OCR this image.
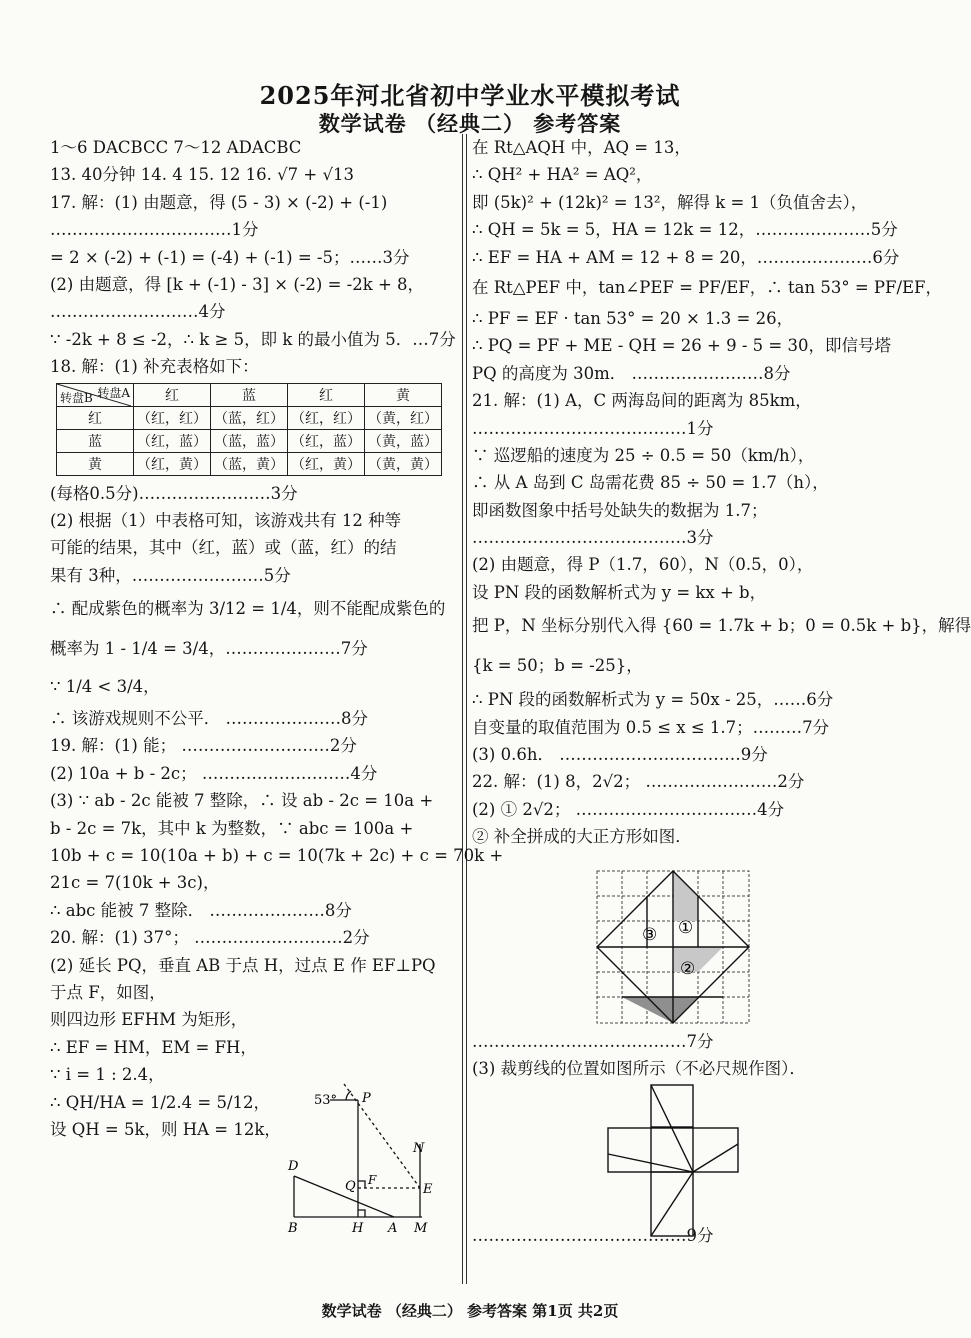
2025年河北省初中学业水平模拟考试
数学试卷 （经典二） 参考答案
1～6 DACBCC 7～12 ADACBC
13. 40分钟 14. 4 15. 12 16. √7 + √13
17. 解：(1) 由题意，得 (5 - 3) × (-2) + (-1)
……………………………1分
= 2 × (-2) + (-1) = (-4) + (-1) = -5；……3分
(2) 由题意，得 [k + (-1) - 3] × (-2) = -2k + 8，
………………………4分
∵ -2k + 8 ≤ -2，∴ k ≥ 5，即 k 的最小值为 5．…7分
18. 解：(1) 补充表格如下：
转盘A
转盘B	红	蓝	红	黄
红	（红，红）	（蓝，红）	（红，红）	（黄，红）
蓝	（红，蓝）	（蓝，蓝）	（红，蓝）	（黄，蓝）
黄	（红，黄）	（蓝，黄）	（红，黄）	（黄，黄）
(每格0.5分)……………………3分
(2) 根据（1）中表格可知，该游戏共有 12 种等
可能的结果，其中（红，蓝）或（蓝，红）的结
果有 3种，……………………5分
∴ 配成紫色的概率为 3/12 = 1/4，则不能配成紫色的
概率为 1 - 1/4 = 3/4，…………………7分
∵ 1/4 < 3/4，
∴ 该游戏规则不公平． …………………8分
19. 解：(1) 能； ………………………2分
(2) 10a + b - 2c； ………………………4分
(3) ∵ ab - 2c 能被 7 整除，∴ 设 ab - 2c = 10a +
b - 2c = 7k，其中 k 为整数，∵ abc = 100a +
10b + c = 10(10a + b) + c = 10(7k + 2c) + c = 70k +
21c = 7(10k + 3c)，
∴ abc 能被 7 整除． …………………8分
20. 解：(1) 37°； ………………………2分
(2) 延长 PQ，垂直 AB 于点 H，过点 E 作 EF⊥PQ
于点 F，如图，
则四边形 EFHM 为矩形，
∴ EF = HM，EM = FH，
∵ i = 1 : 2.4，
∴ QH/HA = 1/2.4 = 5/12，
设 QH = 5k，则 HA = 12k，
53° P
N
D
Q F
E
B	H A M
在 Rt△AQH 中，AQ = 13，
∴ QH² + HA² = AQ²，
即 (5k)² + (12k)² = 13²，解得 k = 1（负值舍去），
∴ QH = 5k = 5，HA = 12k = 12，…………………5分
∴ EF = HA + AM = 12 + 8 = 20，…………………6分
在 Rt△PEF 中，tan∠PEF = PF/EF，∴ tan 53° = PF/EF，
∴ PF = EF · tan 53° = 20 × 1.3 = 26，
∴ PQ = PF + ME - QH = 26 + 9 - 5 = 30，即信号塔
PQ 的高度为 30m． ……………………8分
21. 解：(1) A，C 两海岛间的距离为 85km，
…………………………………1分
∵ 巡逻船的速度为 25 ÷ 0.5 = 50（km/h），
∴ 从 A 岛到 C 岛需花费 85 ÷ 50 = 1.7（h），
即函数图象中括号处缺失的数据为 1.7；
…………………………………3分
(2) 由题意，得 P（1.7，60），N（0.5，0），
设 PN 段的函数解析式为 y = kx + b，
把 P，N 坐标分别代入得 {60 = 1.7k + b；0 = 0.5k + b}，解得
{k = 50；b = -25}，
∴ PN 段的函数解析式为 y = 50x - 25，……6分
自变量的取值范围为 0.5 ≤ x ≤ 1.7；………7分
(3) 0.6h． ……………………………9分
22. 解：(1) 8，2√2； ……………………2分
(2) ① 2√2； ……………………………4分
② 补全拼成的大正方形如图．
③ ①
②
…………………………………7分
(3) 裁剪线的位置如图所示（不必尺规作图）．
…………………………………9分
数学试卷 （经典二） 参考答案 第1页 共2页
